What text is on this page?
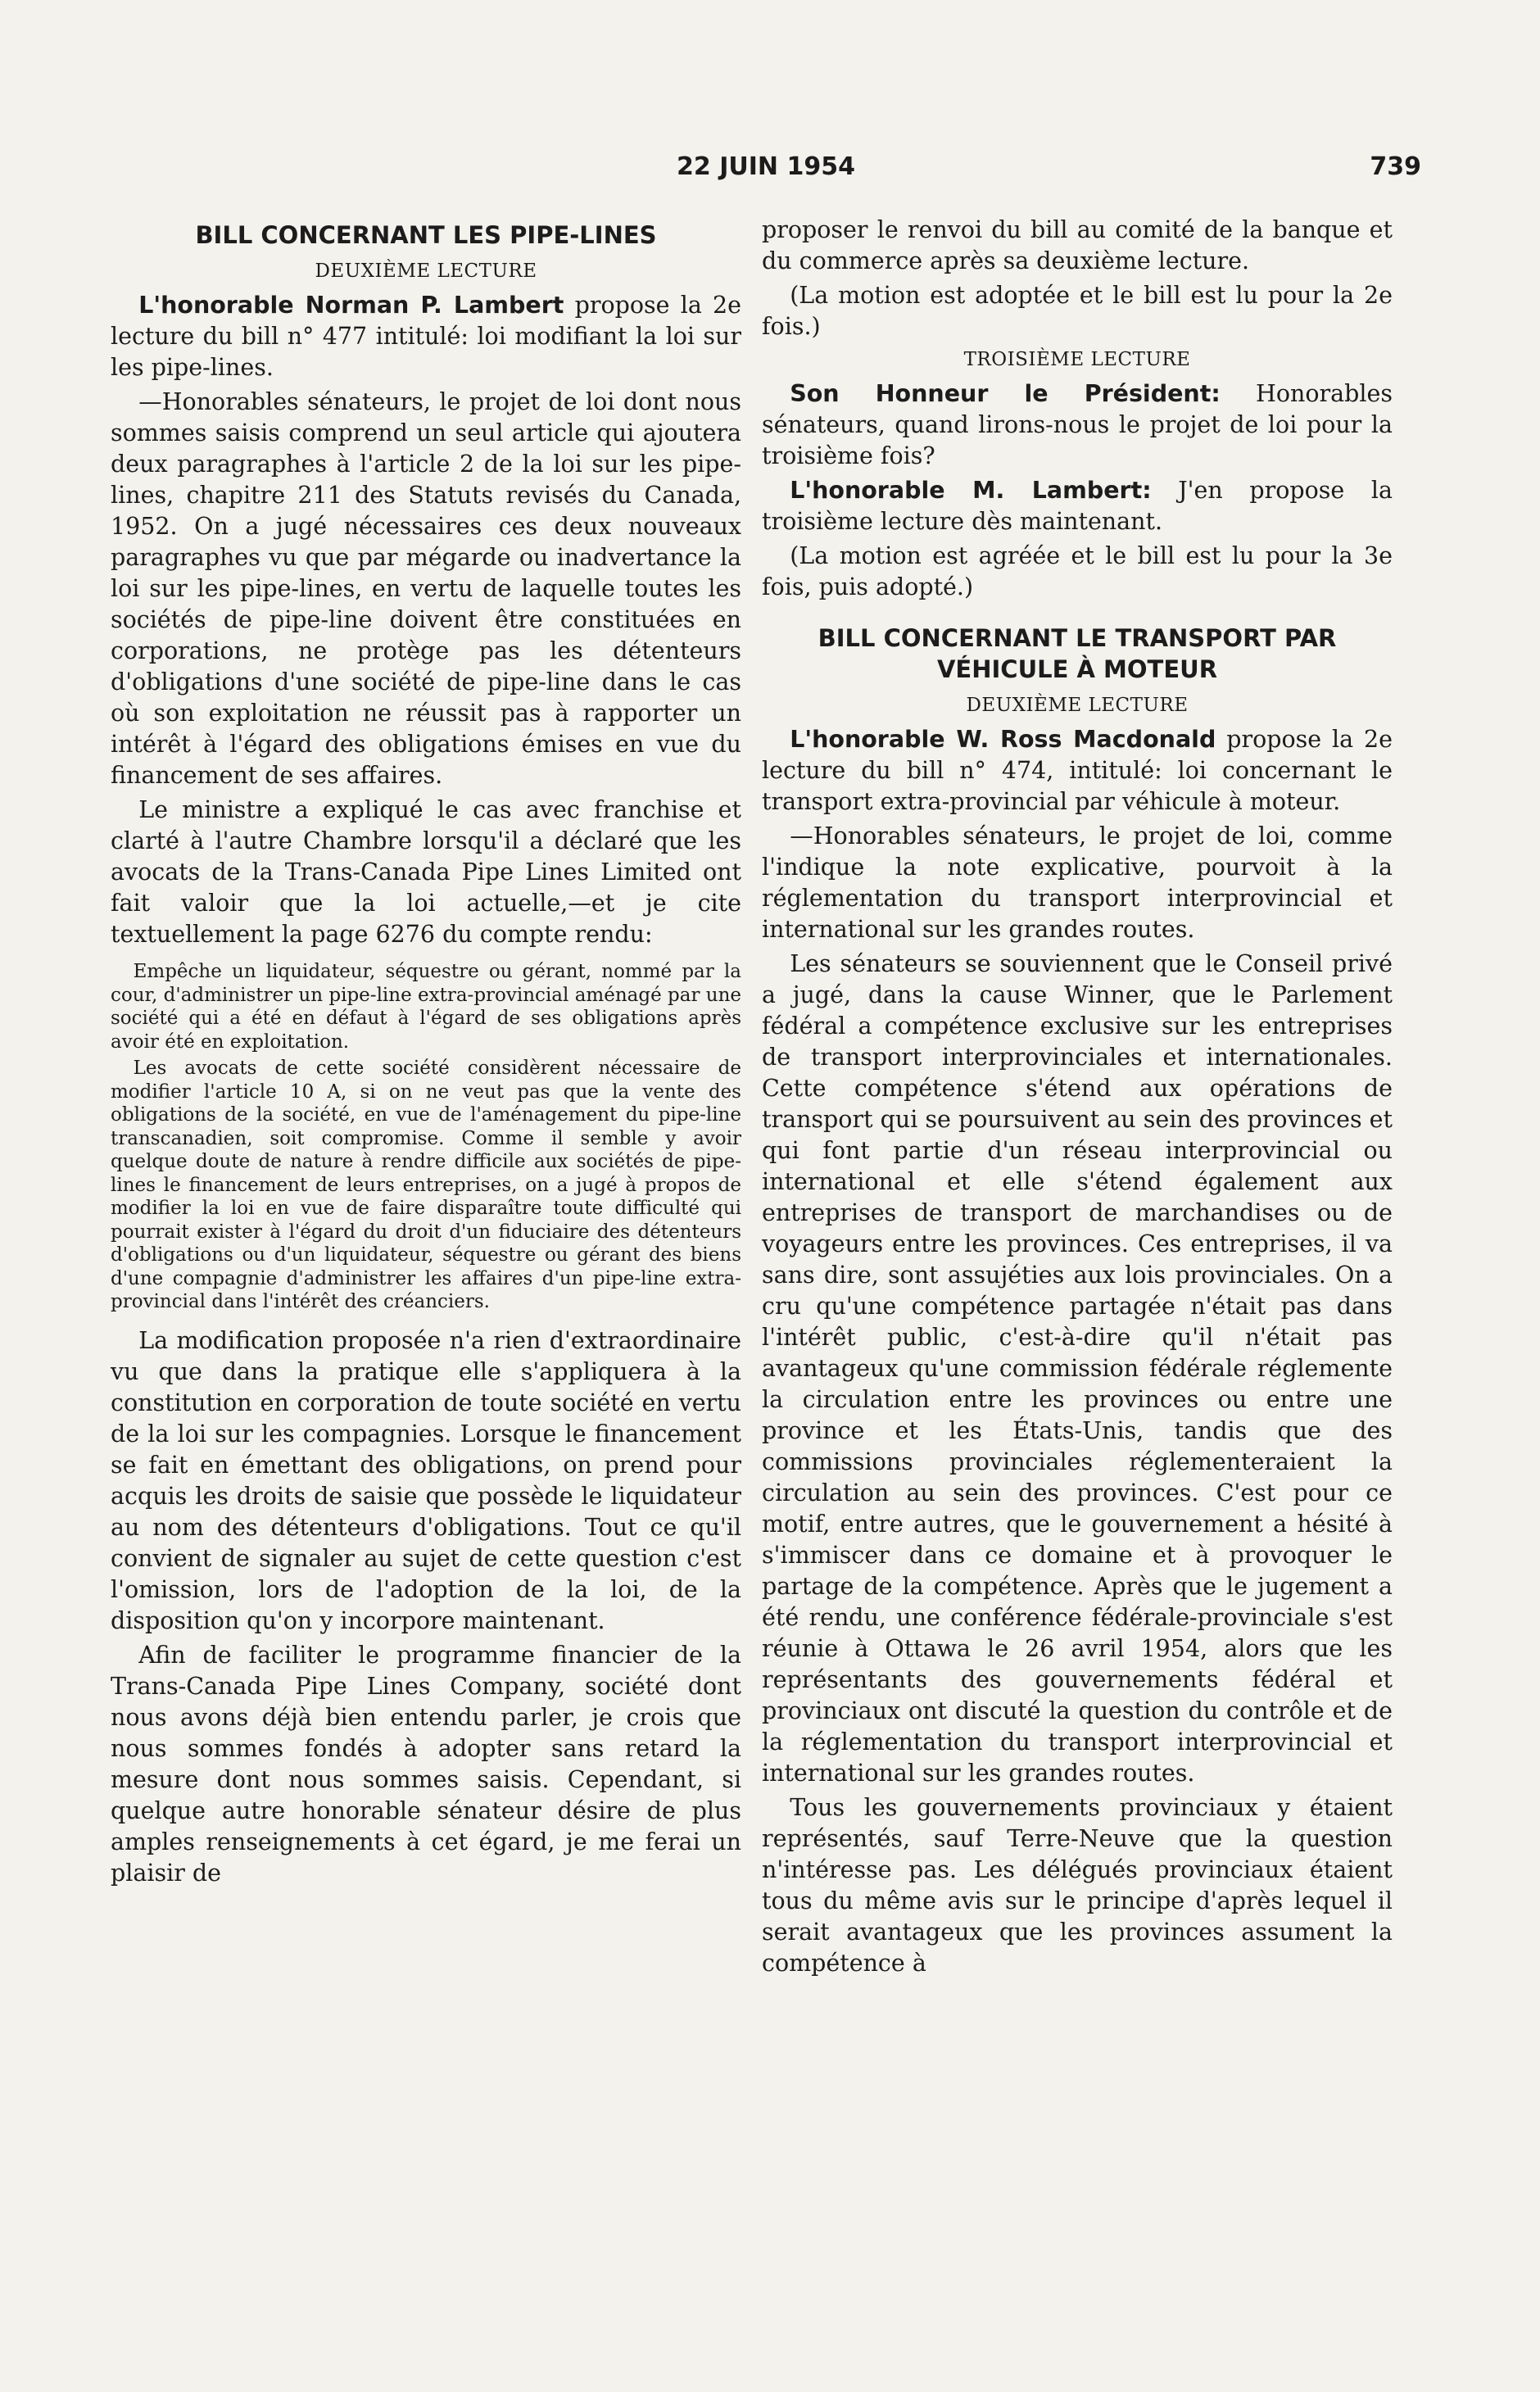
22 JUIN 1954	739
BILL CONCERNANT LES PIPE-LINES
DEUXIÈME LECTURE

L'honorable Norman P. Lambert propose la 2e lecture du bill n° 477 intitulé: loi modifiant la loi sur les pipe-lines.

—Honorables sénateurs, le projet de loi dont nous sommes saisis comprend un seul article qui ajoutera deux paragraphes à l'article 2 de la loi sur les pipe-lines, chapitre 211 des Statuts revisés du Canada, 1952. On a jugé nécessaires ces deux nouveaux paragraphes vu que par mégarde ou inadvertance la loi sur les pipe-lines, en vertu de laquelle toutes les sociétés de pipe-line doivent être constituées en corporations, ne protège pas les détenteurs d'obligations d'une société de pipe-line dans le cas où son exploitation ne réussit pas à rapporter un intérêt à l'égard des obligations émises en vue du financement de ses affaires.

Le ministre a expliqué le cas avec franchise et clarté à l'autre Chambre lorsqu'il a déclaré que les avocats de la Trans-Canada Pipe Lines Limited ont fait valoir que la loi actuelle,—et je cite textuellement la page 6276 du compte rendu:

Empêche un liquidateur, séquestre ou gérant, nommé par la cour, d'administrer un pipe-line extra-provincial aménagé par une société qui a été en défaut à l'égard de ses obligations après avoir été en exploitation.
Les avocats de cette société considèrent nécessaire de modifier l'article 10 A, si on ne veut pas que la vente des obligations de la société, en vue de l'aménagement du pipe-line transcanadien, soit compromise. Comme il semble y avoir quelque doute de nature à rendre difficile aux sociétés de pipe-lines le financement de leurs entreprises, on a jugé à propos de modifier la loi en vue de faire disparaître toute difficulté qui pourrait exister à l'égard du droit d'un fiduciaire des détenteurs d'obligations ou d'un liquidateur, séquestre ou gérant des biens d'une compagnie d'administrer les affaires d'un pipe-line extra-provincial dans l'intérêt des créanciers.

La modification proposée n'a rien d'extraordinaire vu que dans la pratique elle s'appliquera à la constitution en corporation de toute société en vertu de la loi sur les compagnies. Lorsque le financement se fait en émettant des obligations, on prend pour acquis les droits de saisie que possède le liquidateur au nom des détenteurs d'obligations. Tout ce qu'il convient de signaler au sujet de cette question c'est l'omission, lors de l'adoption de la loi, de la disposition qu'on y incorpore maintenant.

Afin de faciliter le programme financier de la Trans-Canada Pipe Lines Company, société dont nous avons déjà bien entendu parler, je crois que nous sommes fondés à adopter sans retard la mesure dont nous sommes saisis. Cependant, si quelque autre honorable sénateur désire de plus amples renseignements à cet égard, je me ferai un plaisir de

proposer le renvoi du bill au comité de la banque et du commerce après sa deuxième lecture.

(La motion est adoptée et le bill est lu pour la 2e fois.)

TROISIÈME LECTURE

Son Honneur le Président: Honorables sénateurs, quand lirons-nous le projet de loi pour la troisième fois?

L'honorable M. Lambert: J'en propose la troisième lecture dès maintenant.

(La motion est agréée et le bill est lu pour la 3e fois, puis adopté.)

BILL CONCERNANT LE TRANSPORT PAR VÉHICULE À MOTEUR
DEUXIÈME LECTURE

L'honorable W. Ross Macdonald propose la 2e lecture du bill n° 474, intitulé: loi concernant le transport extra-provincial par véhicule à moteur.

—Honorables sénateurs, le projet de loi, comme l'indique la note explicative, pourvoit à la réglementation du transport interprovincial et international sur les grandes routes.

Les sénateurs se souviennent que le Conseil privé a jugé, dans la cause Winner, que le Parlement fédéral a compétence exclusive sur les entreprises de transport interprovinciales et internationales. Cette compétence s'étend aux opérations de transport qui se poursuivent au sein des provinces et qui font partie d'un réseau interprovincial ou international et elle s'étend également aux entreprises de transport de marchandises ou de voyageurs entre les provinces. Ces entreprises, il va sans dire, sont assujéties aux lois provinciales. On a cru qu'une compétence partagée n'était pas dans l'intérêt public, c'est-à-dire qu'il n'était pas avantageux qu'une commission fédérale réglemente la circulation entre les provinces ou entre une province et les États-Unis, tandis que des commissions provinciales réglementeraient la circulation au sein des provinces. C'est pour ce motif, entre autres, que le gouvernement a hésité à s'immiscer dans ce domaine et à provoquer le partage de la compétence. Après que le jugement a été rendu, une conférence fédérale-provinciale s'est réunie à Ottawa le 26 avril 1954, alors que les représentants des gouvernements fédéral et provinciaux ont discuté la question du contrôle et de la réglementation du transport interprovincial et international sur les grandes routes.

Tous les gouvernements provinciaux y étaient représentés, sauf Terre-Neuve que la question n'intéresse pas. Les délégués provinciaux étaient tous du même avis sur le principe d'après lequel il serait avantageux que les provinces assument la compétence à
